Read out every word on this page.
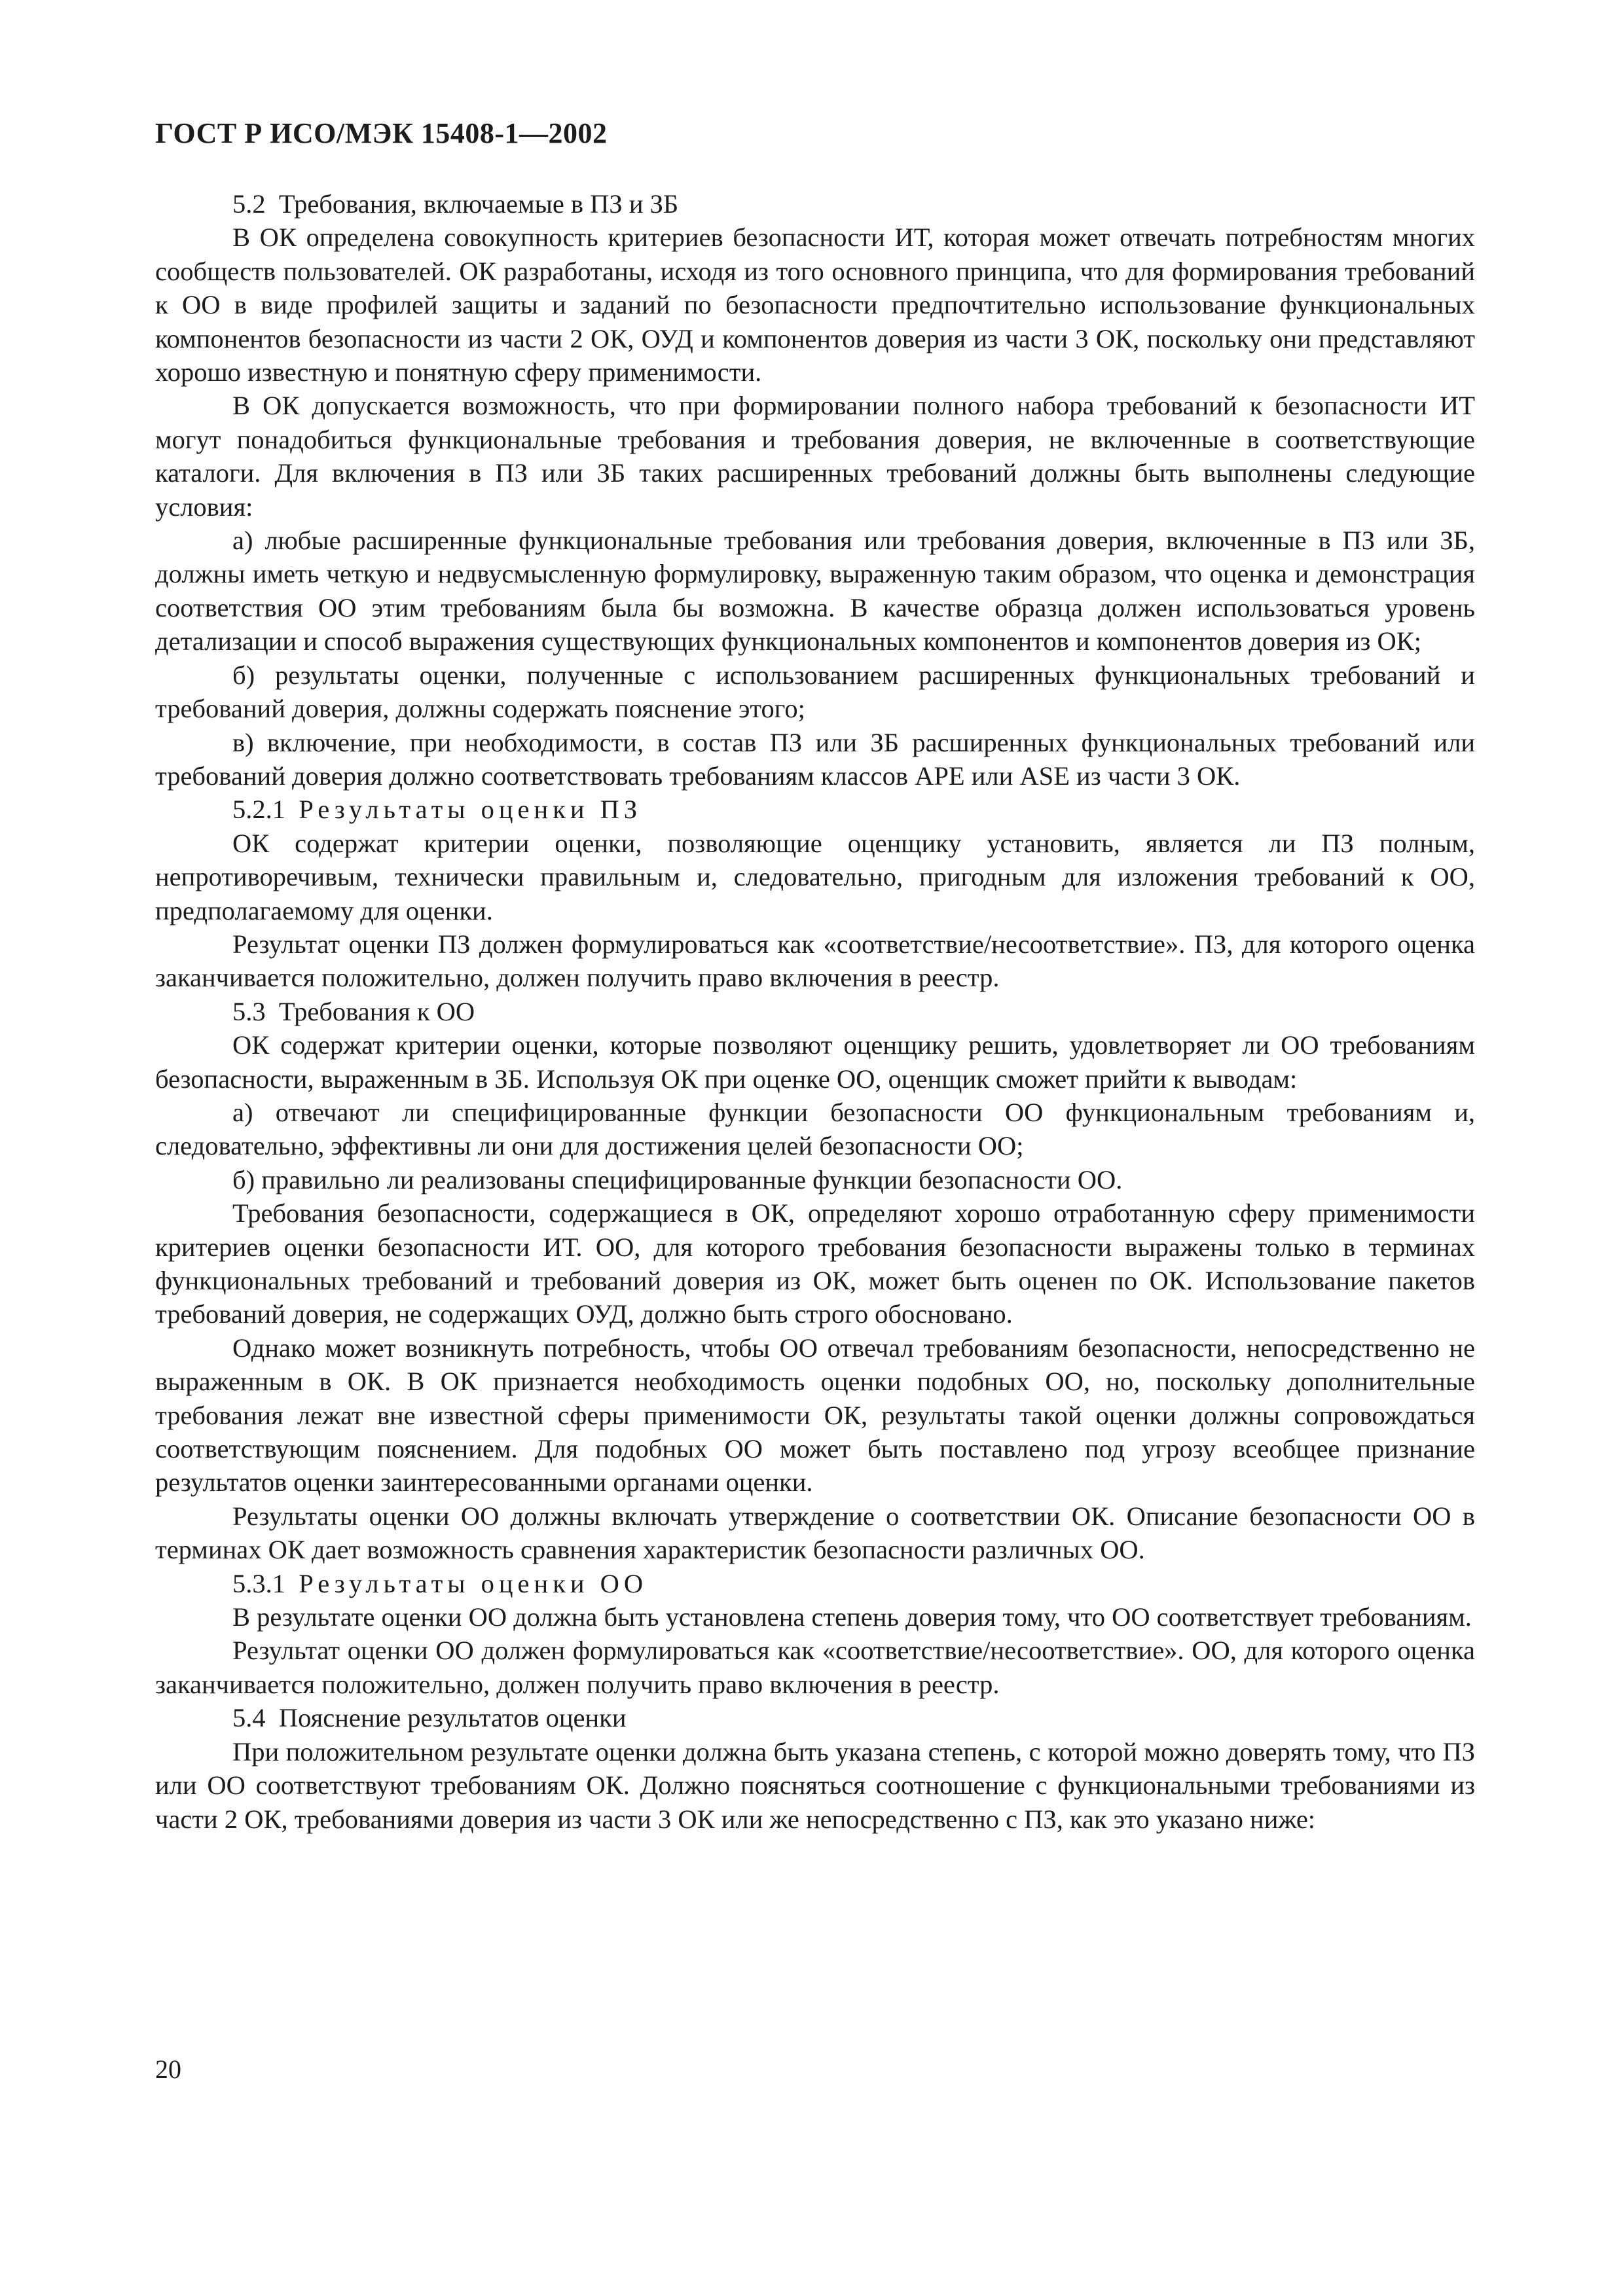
ГОСТ Р ИСО/МЭК 15408-1—2002

5.2 Требования, включаемые в ПЗ и ЗБ

В ОК определена совокупность критериев безопасности ИТ, которая может отвечать потребностям многих сообществ пользователей. ОК разработаны, исходя из того основного принципа, что для формирования требований к ОО в виде профилей защиты и заданий по безопасности предпочтительно использование функциональных компонентов безопасности из части 2 ОК, ОУД и компонентов доверия из части 3 ОК, поскольку они представляют хорошо известную и понятную сферу применимости.

В ОК допускается возможность, что при формировании полного набора требований к безопасности ИТ могут понадобиться функциональные требования и требования доверия, не включенные в соответствующие каталоги. Для включения в ПЗ или ЗБ таких расширенных требований должны быть выполнены следующие условия:

а) любые расширенные функциональные требования или требования доверия, включенные в ПЗ или ЗБ, должны иметь четкую и недвусмысленную формулировку, выраженную таким образом, что оценка и демонстрация соответствия ОО этим требованиям была бы возможна. В качестве образца должен использоваться уровень детализации и способ выражения существующих функциональных компонентов и компонентов доверия из ОК;

б) результаты оценки, полученные с использованием расширенных функциональных требований и требований доверия, должны содержать пояснение этого;

в) включение, при необходимости, в состав ПЗ или ЗБ расширенных функциональных требований или требований доверия должно соответствовать требованиям классов APE или ASE из части 3 ОК.

5.2.1 Результаты оценки ПЗ

ОК содержат критерии оценки, позволяющие оценщику установить, является ли ПЗ полным, непротиворечивым, технически правильным и, следовательно, пригодным для изложения требований к ОО, предполагаемому для оценки.

Результат оценки ПЗ должен формулироваться как «соответствие/несоответствие». ПЗ, для которого оценка заканчивается положительно, должен получить право включения в реестр.

5.3 Требования к ОО

ОК содержат критерии оценки, которые позволяют оценщику решить, удовлетворяет ли ОО требованиям безопасности, выраженным в ЗБ. Используя ОК при оценке ОО, оценщик сможет прийти к выводам:

а) отвечают ли специфицированные функции безопасности ОО функциональным требованиям и, следовательно, эффективны ли они для достижения целей безопасности ОО;

б) правильно ли реализованы специфицированные функции безопасности ОО.

Требования безопасности, содержащиеся в ОК, определяют хорошо отработанную сферу применимости критериев оценки безопасности ИТ. ОО, для которого требования безопасности выражены только в терминах функциональных требований и требований доверия из ОК, может быть оценен по ОК. Использование пакетов требований доверия, не содержащих ОУД, должно быть строго обосновано.

Однако может возникнуть потребность, чтобы ОО отвечал требованиям безопасности, непосредственно не выраженным в ОК. В ОК признается необходимость оценки подобных ОО, но, поскольку дополнительные требования лежат вне известной сферы применимости ОК, результаты такой оценки должны сопровождаться соответствующим пояснением. Для подобных ОО может быть поставлено под угрозу всеобщее признание результатов оценки заинтересованными органами оценки.

Результаты оценки ОО должны включать утверждение о соответствии ОК. Описание безопасности ОО в терминах ОК дает возможность сравнения характеристик безопасности различных ОО.

5.3.1 Результаты оценки ОО

В результате оценки ОО должна быть установлена степень доверия тому, что ОО соответствует требованиям.

Результат оценки ОО должен формулироваться как «соответствие/несоответствие». ОО, для которого оценка заканчивается положительно, должен получить право включения в реестр.

5.4 Пояснение результатов оценки

При положительном результате оценки должна быть указана степень, с которой можно доверять тому, что ПЗ или ОО соответствуют требованиям ОК. Должно поясняться соотношение с функциональными требованиями из части 2 ОК, требованиями доверия из части 3 ОК или же непосредственно с ПЗ, как это указано ниже:

20
